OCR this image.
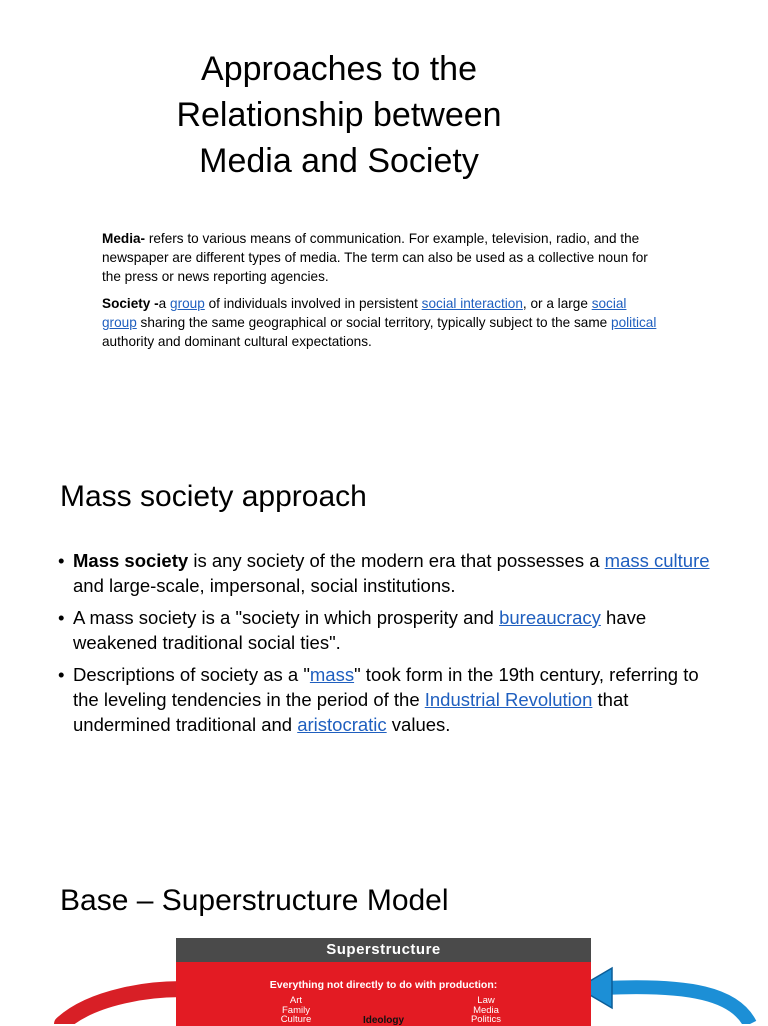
Approaches to the
Relationship between
Media and Society

Media- refers to various means of communication. For example, television, radio, and the newspaper are different types of media. The term can also be used as a collective noun for the press or news reporting agencies.

Society -a group of individuals involved in persistent social interaction, or a large social group sharing the same geographical or social territory, typically subject to the same political authority and dominant cultural expectations.

Mass society approach
• Mass society is any society of the modern era that possesses a mass culture and large-scale, impersonal, social institutions.
• A mass society is a "society in which prosperity and bureaucracy have weakened traditional social ties".
• Descriptions of society as a "mass" took form in the 19th century, referring to the leveling tendencies in the period of the Industrial Revolution that undermined traditional and aristocratic values.
Base – Superstructure Model
Superstructure
Everything not directly to do with production:
Art
Family
Culture	Ideology
Law
Media
Politics
